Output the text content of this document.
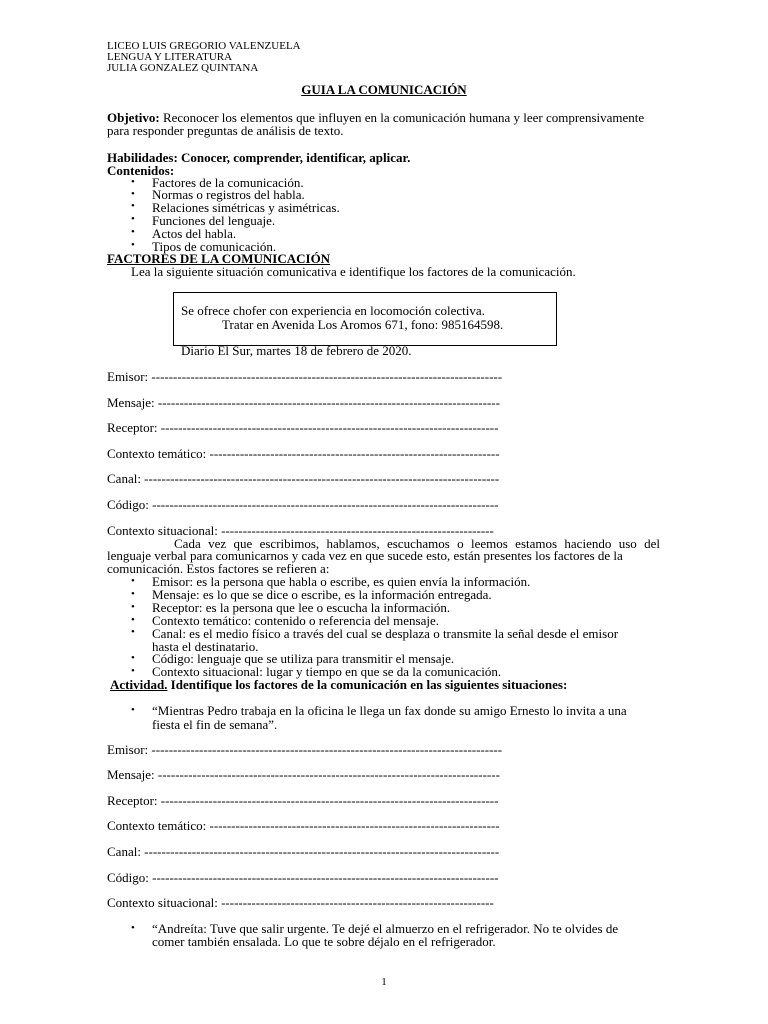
LICEO LUIS GREGORIO VALENZUELA
LENGUA Y LITERATURA
JULIA GONZALEZ QUINTANA
GUIA LA COMUNICACIÓN
Objetivo: Reconocer los elementos que influyen en la comunicación humana y leer comprensivamente
para responder preguntas de análisis de texto.
Habilidades: Conocer, comprender, identificar, aplicar.
Contenidos:
• Factores de la comunicación.
• Normas o registros del habla.
• Relaciones simétricas y asimétricas.
• Funciones del lenguaje.
• Actos del habla.
• Tipos de comunicación.
FACTORES DE LA COMUNICACIÓN
Lea la siguiente situación comunicativa e identifique los factores de la comunicación.
Se ofrece chofer con experiencia en locomoción colectiva.
Tratar en Avenida Los Aromos 671, fono: 985164598.
Diario El Sur, martes 18 de febrero de 2020.
Emisor: ---------------------------------------------------------------------------------
Mensaje: -------------------------------------------------------------------------------
Receptor: ------------------------------------------------------------------------------
Contexto temático: -------------------------------------------------------------------
Canal: ----------------------------------------------------------------------------------
Código: --------------------------------------------------------------------------------
Contexto situacional: ---------------------------------------------------------------
Cada vez que escribimos, hablamos, escuchamos o leemos estamos haciendo uso del
lenguaje verbal para comunicarnos y cada vez en que sucede esto, están presentes los factores de la
comunicación. Estos factores se refieren a:
• Emisor: es la persona que habla o escribe, es quien envía la información.
• Mensaje: es lo que se dice o escribe, es la información entregada.
• Receptor: es la persona que lee o escucha la información.
• Contexto temático: contenido o referencia del mensaje.
• Canal: es el medio físico a través del cual se desplaza o transmite la señal desde el emisor
hasta el destinatario.
• Código: lenguaje que se utiliza para transmitir el mensaje.
• Contexto situacional: lugar y tiempo en que se da la comunicación.
Actividad. Identifique los factores de la comunicación en las siguientes situaciones:
• “Mientras Pedro trabaja en la oficina le llega un fax donde su amigo Ernesto lo invita a una
fiesta el fin de semana”.
Emisor: ---------------------------------------------------------------------------------
Mensaje: -------------------------------------------------------------------------------
Receptor: ------------------------------------------------------------------------------
Contexto temático: -------------------------------------------------------------------
Canal: ----------------------------------------------------------------------------------
Código: --------------------------------------------------------------------------------
Contexto situacional: ---------------------------------------------------------------
• “Andreíta: Tuve que salir urgente. Te dejé el almuerzo en el refrigerador. No te olvides de
comer también ensalada. Lo que te sobre déjalo en el refrigerador.
1
